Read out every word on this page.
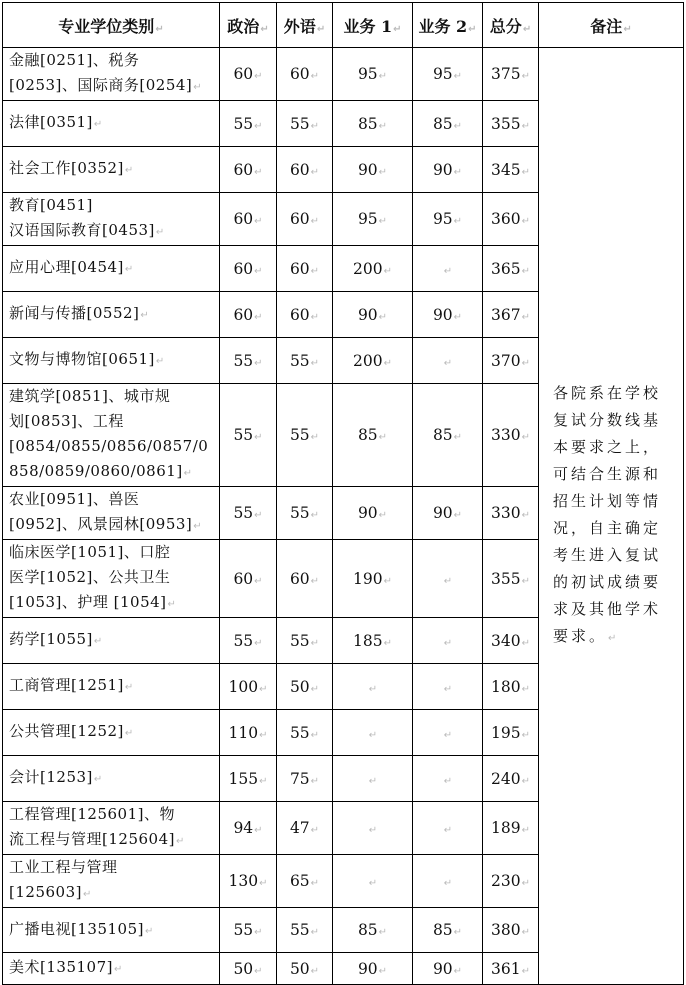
专业学位类别↵	政治↵	外语↵	业务 1↵	业务 2↵	总分↵	备注↵
金融[0251]、税务
[0253]、国际商务[0254]↵	60↵	60↵	95↵	95↵	375↵	各院系在学校复试分数线基本要求之上，可结合生源和招生计划等情况，自主确定考生进入复试的初试成绩要求及其他学术要求。↵
法律[0351]↵	55↵	55↵	85↵	85↵	355↵	
社会工作[0352]↵	60↵	60↵	90↵	90↵	345↵	
教育[0451]
汉语国际教育[0453]↵	60↵	60↵	95↵	95↵	360↵	
应用心理[0454]↵	60↵	60↵	200↵	↵	365↵	
新闻与传播[0552]↵	60↵	60↵	90↵	90↵	367↵	
文物与博物馆[0651]↵	55↵	55↵	200↵	↵	370↵	
建筑学[0851]、城市规
划[0853]、工程
[0854/0855/0856/0857/0
858/0859/0860/0861]↵	55↵	55↵	85↵	85↵	330↵	
农业[0951]、兽医
[0952]、风景园林[0953]↵	55↵	55↵	90↵	90↵	330↵	
临床医学[1051]、口腔
医学[1052]、公共卫生
[1053]、护理 [1054]↵	60↵	60↵	190↵	↵	355↵	
药学[1055]↵	55↵	55↵	185↵	↵	340↵	
工商管理[1251]↵	100↵	50↵	↵	↵	180↵	
公共管理[1252]↵	110↵	55↵	↵	↵	195↵	
会计[1253]↵	155↵	75↵	↵	↵	240↵	
工程管理[125601]、物
流工程与管理[125604]↵	94↵	47↵	↵	↵	189↵	
工业工程与管理
[125603]↵	130↵	65↵	↵	↵	230↵	
广播电视[135105]↵	55↵	55↵	85↵	85↵	380↵	
美术[135107]↵	50↵	50↵	90↵	90↵	361↵	
